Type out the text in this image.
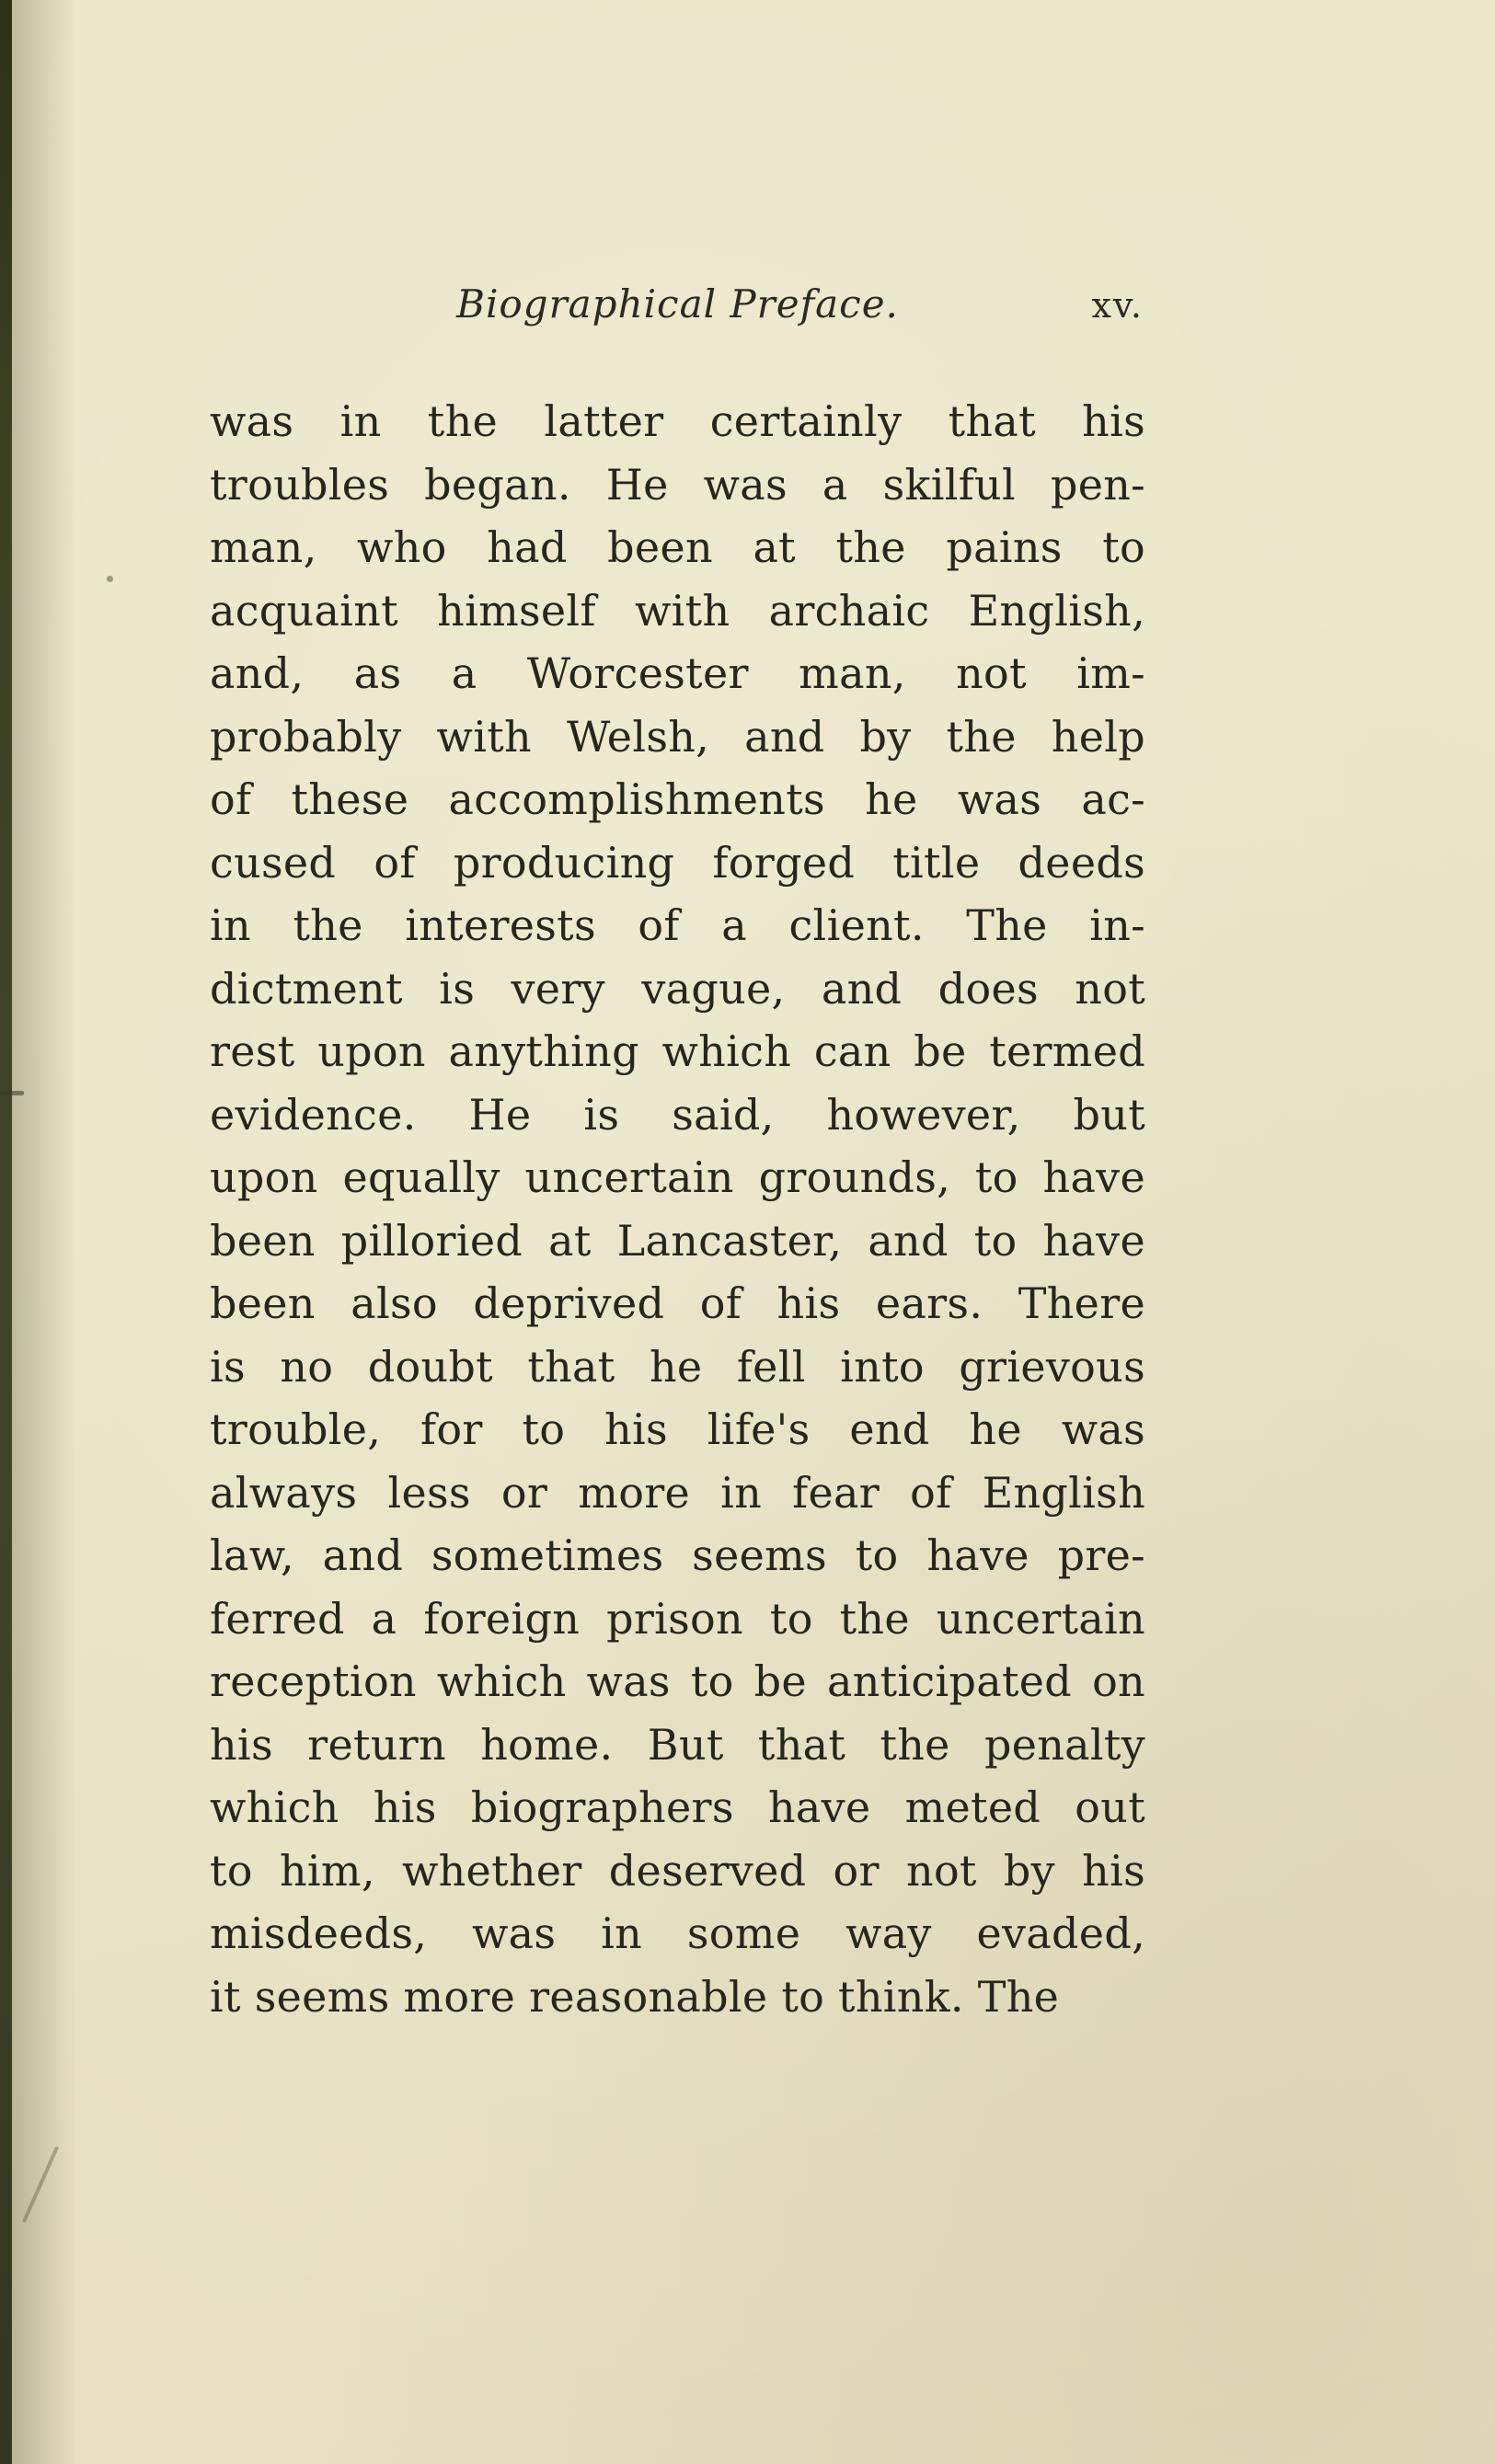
Biographical Preface.	xv.
was in the latter certainly that his
troubles began. He was a skilful pen-
man, who had been at the pains to
acquaint himself with archaic English,
and, as a Worcester man, not im-
probably with Welsh, and by the help
of these accomplishments he was ac-
cused of producing forged title deeds
in the interests of a client. The in-
dictment is very vague, and does not
rest upon anything which can be termed
evidence. He is said, however, but
upon equally uncertain grounds, to have
been pilloried at Lancaster, and to have
been also deprived of his ears. There
is no doubt that he fell into grievous
trouble, for to his life's end he was
always less or more in fear of English
law, and sometimes seems to have pre-
ferred a foreign prison to the uncertain
reception which was to be anticipated on
his return home. But that the penalty
which his biographers have meted out
to him, whether deserved or not by his
misdeeds, was in some way evaded,
it seems more reasonable to think. The
